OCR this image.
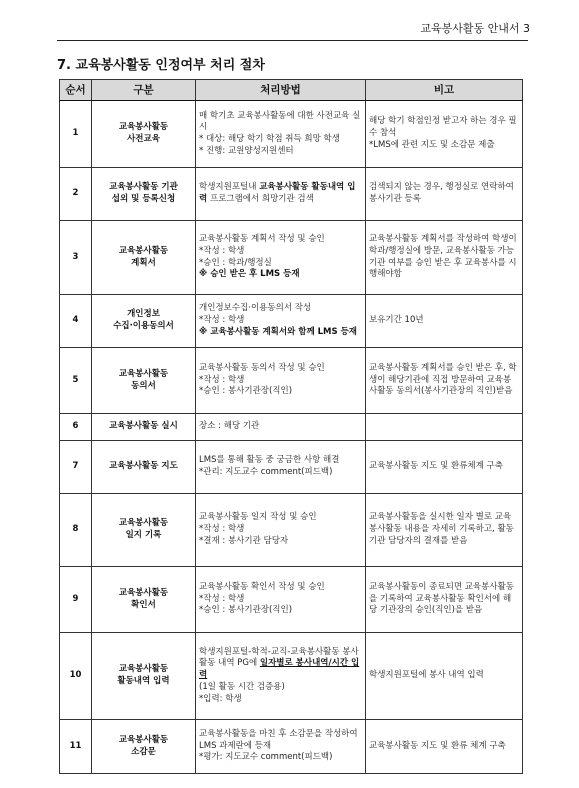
교육봉사활동 안내서 3
7. 교육봉사활동 인정여부 처리 절차
순서	구분	처리방법	비고
1	교육봉사활동
사전교육	매 학기초 교육봉사활동에 대한 사전교육 실시
* 대상: 해당 학기 학점 취득 희망 학생
* 진행: 교원양성지원센터	해당 학기 학점인정 받고자 하는 경우 필수 참석
*LMS에 관련 지도 및 소감문 제출

2	교육봉사활동 기관
섭외 및 등록신청	학생지원포털내 교육봉사활동 활동내역 입력 프로그램에서 희망기관 검색	검색되지 않는 경우, 행정실로 연락하여 봉사기관 등록

3	교육봉사활동
계획서	교육봉사활동 계획서 작성 및 승인
*작성 : 학생
*승인 : 학과/행정실
※ 승인 받은 후 LMS 등재	교육봉사활동 계획서를 작성하여 학생이 학과/행정실에 방문, 교육봉사활동 가능 기관 여부를 승인 받은 후 교육봉사를 시행해야함

4	개인정보
수집·이용동의서	개인정보수집·이용동의서 작성
*작성 : 학생
※ 교육봉사활동 계획서와 함께 LMS 등재	보유기간 10년

5	교육봉사활동
동의서	교육봉사활동 동의서 작성 및 승인
*작성 : 학생
*승인 : 봉사기관장(직인)	교육봉사활동 계획서를 승인 받은 후, 학생이 해당기관에 직접 방문하여 교육봉사활동 동의서(봉사기관장의 직인)받음

6	교육봉사활동 실시	장소 : 해당 기관	

7	교육봉사활동 지도	LMS를 통해 활동 중 궁금한 사항 해결
*관리: 지도교수 comment(피드백)	교육봉사활동 지도 및 환류체계 구축

8	교육봉사활동
일지 기록	교육봉사활동 일지 작성 및 승인
*작성 : 학생
*결재 : 봉사기관 담당자	교육봉사활동을 실시한 일자 별로 교육봉사활동 내용을 자세히 기록하고, 활동기관 담당자의 결재를 받음

9	교육봉사활동
확인서	교육봉사활동 확인서 작성 및 승인
*작성 : 학생
*승인 : 봉사기관장(직인)	교육봉사활동이 종료되면 교육봉사활동을 기록하여 교육봉사활동 확인서에 해당 기관장의 승인(직인)을 받음

10	교육봉사활동
활동내역 입력	학생지원포털-학적-교직-교육봉사활동 봉사활동 내역 PG에 일자별로 봉사내역/시간 입력
(1일 활동 시간 검증용)
*입력: 학생	학생지원포털에 봉사 내역 입력

11	교육봉사활동
소감문	교육봉사활동을 마친 후 소감문을 작성하여 LMS 과제란에 등재
*평가: 지도교수 comment(피드백)	교육봉사활동 지도 및 환류 체계 구축
